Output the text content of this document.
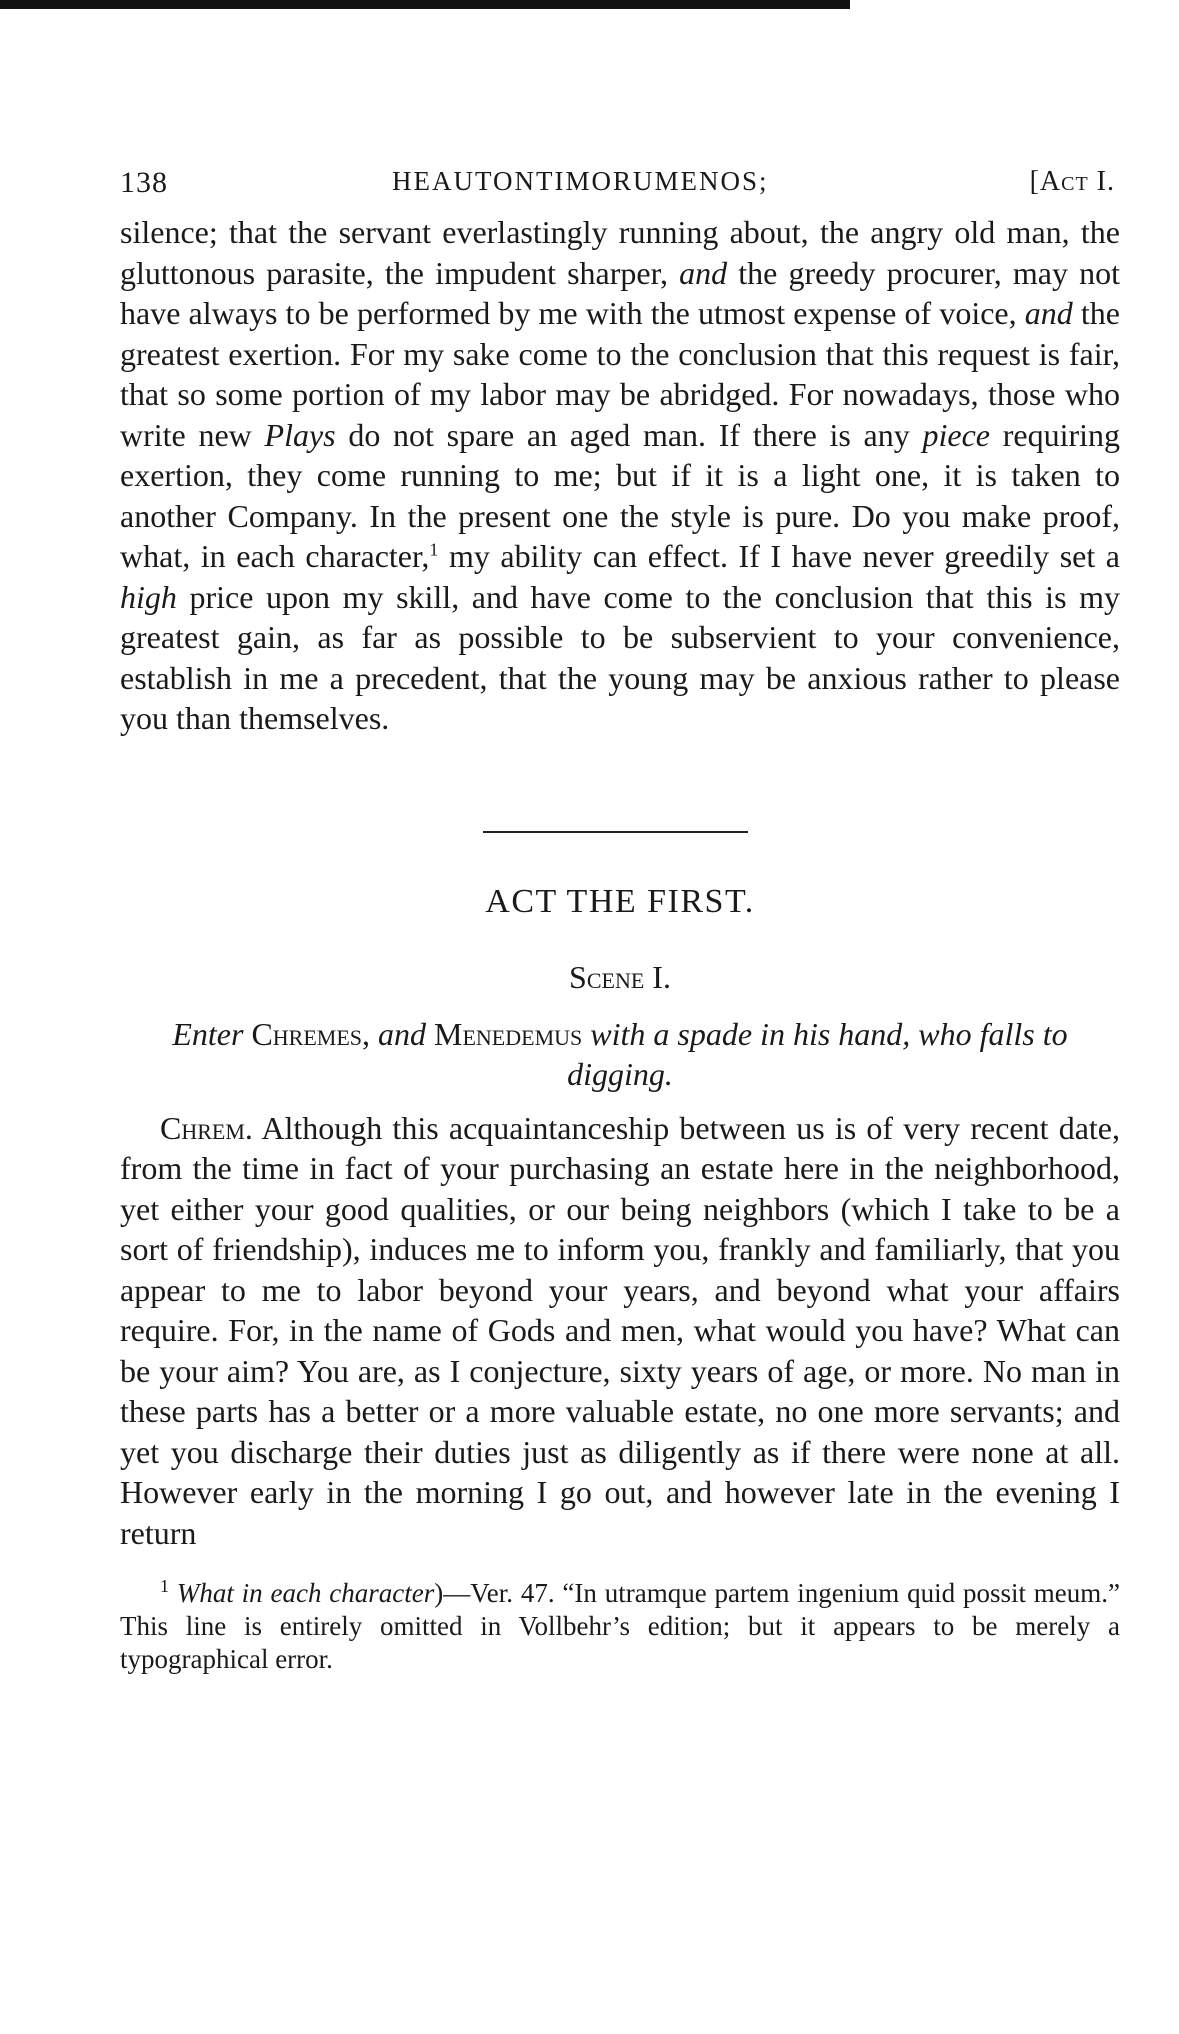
138	HEAUTONTIMORUMENOS;	[Act I.

silence; that the servant everlastingly running about, the angry old man, the gluttonous parasite, the impudent sharper, and the greedy procurer, may not have always to be performed by me with the utmost expense of voice, and the greatest exertion. For my sake come to the conclusion that this request is fair, that so some portion of my labor may be abridged. For nowadays, those who write new Plays do not spare an aged man. If there is any piece requiring exertion, they come running to me; but if it is a light one, it is taken to another Company. In the present one the style is pure. Do you make proof, what, in each character,$^1$ my ability can effect. If I have never greedily set a high price upon my skill, and have come to the conclusion that this is my greatest gain, as far as possible to be subservient to your convenience, establish in me a precedent, that the young may be anxious rather to please you than themselves.

ACT THE FIRST.
Scene I.
Enter Chremes, and Menedemus with a spade in his hand, who falls to digging.

Chrem. Although this acquaintanceship between us is of very recent date, from the time in fact of your purchasing an estate here in the neighborhood, yet either your good qualities, or our being neighbors (which I take to be a sort of friendship), induces me to inform you, frankly and familiarly, that you appear to me to labor beyond your years, and beyond what your affairs require. For, in the name of Gods and men, what would you have? What can be your aim? You are, as I conjecture, sixty years of age, or more. No man in these parts has a better or a more valuable estate, no one more servants; and yet you discharge their duties just as diligently as if there were none at all. However early in the morning I go out, and however late in the evening I return

$^1$ What in each character)—Ver. 47. “In utramque partem ingenium quid possit meum.” This line is entirely omitted in Vollbehr’s edition; but it appears to be merely a typographical error.
